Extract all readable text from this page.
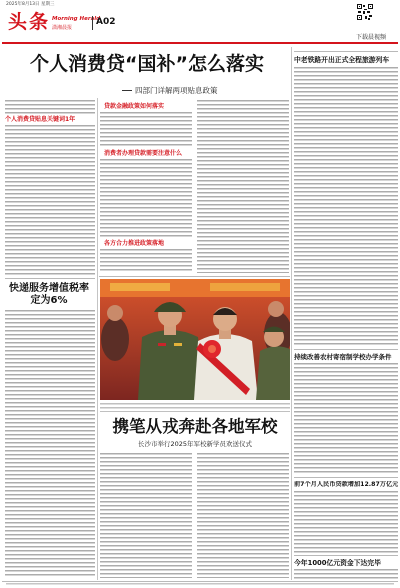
2025年8月13日 星期三
头条 Morning Herald
潇湘晨报
A02
下载晨视频
个人消费贷“国补”怎么落实
四部门详解两项贴息政策
个人消费贷贴息关键词1年
快递服务增值税率定为6%
贷款金融政策如何落实
消费者办理贷款需要注意什么
各方合力推进政策落地
携笔从戎奔赴各地军校
长沙市举行2025年军校新学员欢送仪式
中老铁路开出正式全程旅游列车
持续改善农村寄宿制学校办学条件
前7个月人民币贷款增加12.87万亿元
今年1000亿元资金下达完毕
